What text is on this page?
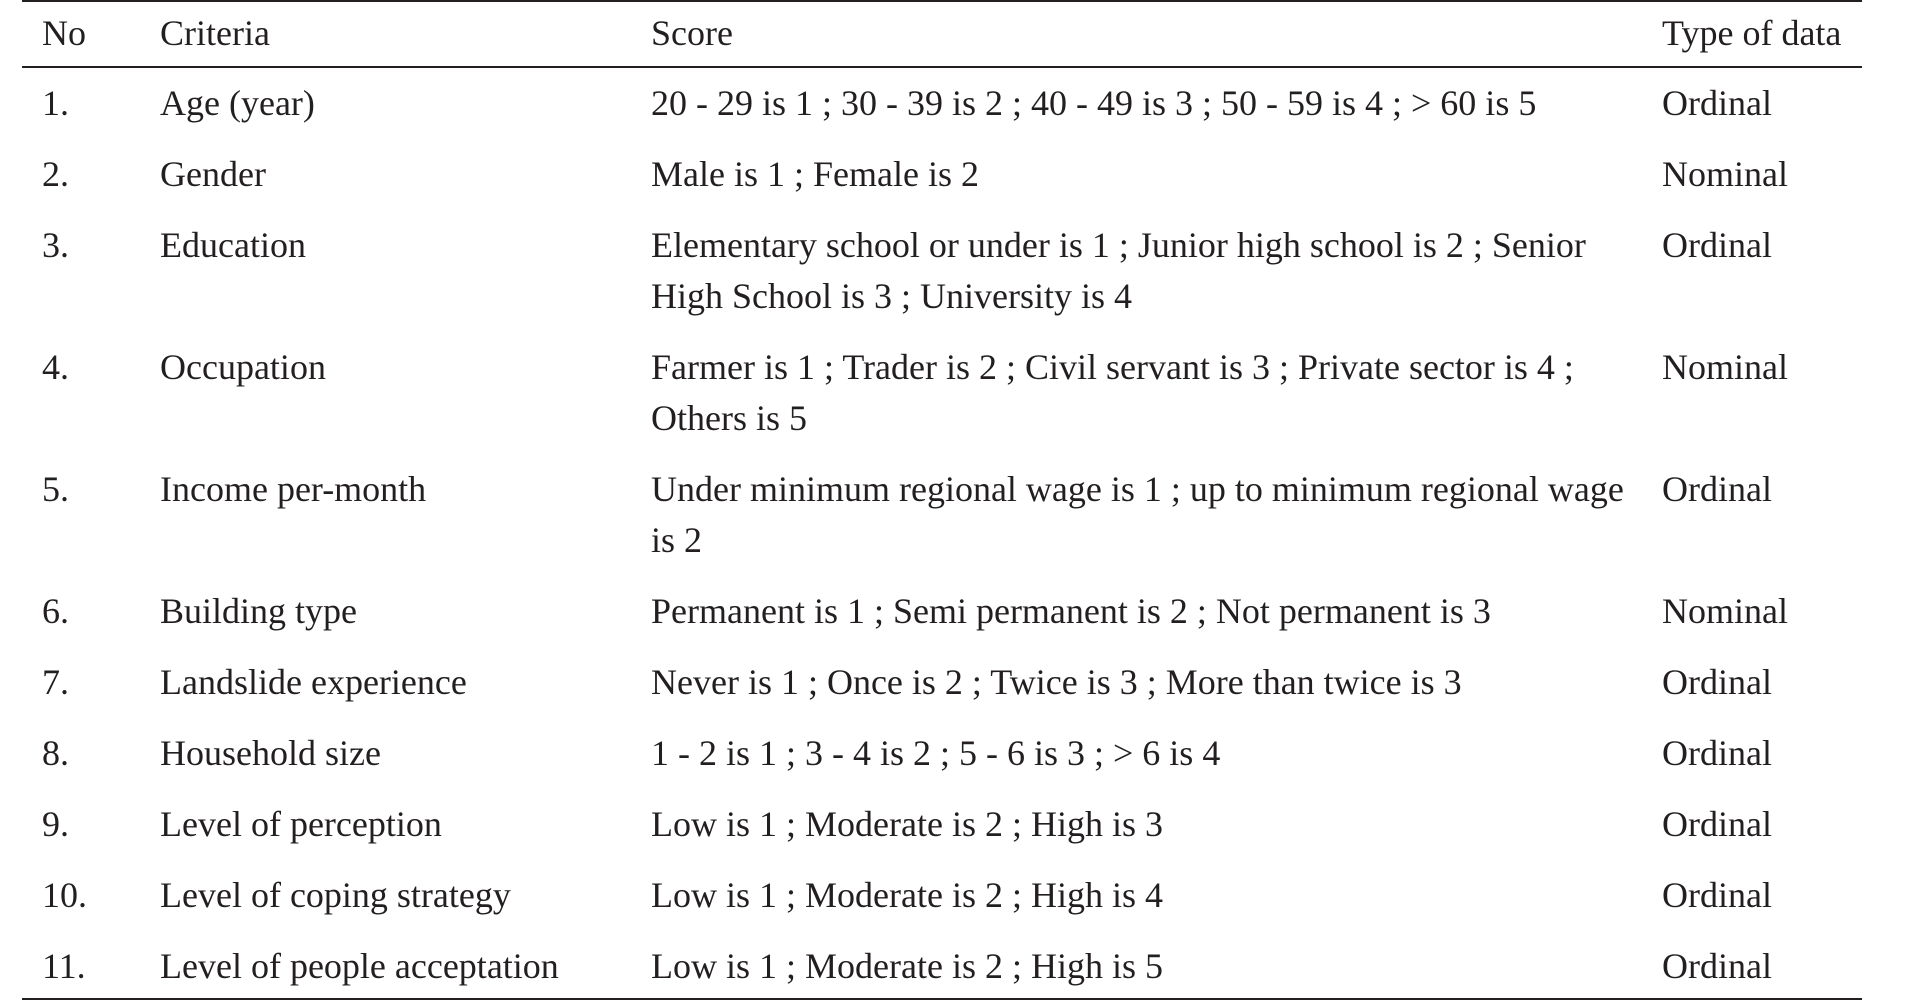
No	Criteria	Score	Type of data
1.	Age (year)	20 - 29 is 1 ; 30 - 39 is 2 ; 40 - 49 is 3 ; 50 - 59 is 4 ; > 60 is 5	Ordinal
2.	Gender	Male is 1 ; Female is 2	Nominal
3.	Education	Elementary school or under is 1 ; Junior high school is 2 ; Senior High School is 3 ; University is 4	Ordinal
4.	Occupation	Farmer is 1 ; Trader is 2 ; Civil servant is 3 ; Private sector is 4 ; Others is 5	Nominal
5.	Income per-month	Under minimum regional wage is 1 ; up to minimum regional wage is 2	Ordinal
6.	Building type	Permanent is 1 ; Semi permanent is 2 ; Not permanent is 3	Nominal
7.	Landslide experience	Never is 1 ; Once is 2 ; Twice is 3 ; More than twice is 3	Ordinal
8.	Household size	1 - 2 is 1 ; 3 - 4 is 2 ; 5 - 6 is 3 ; > 6 is 4	Ordinal
9.	Level of perception	Low is 1 ; Moderate is 2 ; High is 3	Ordinal
10.	Level of coping strategy	Low is 1 ; Moderate is 2 ; High is 4	Ordinal
11.	Level of people acceptation	Low is 1 ; Moderate is 2 ; High is 5	Ordinal
